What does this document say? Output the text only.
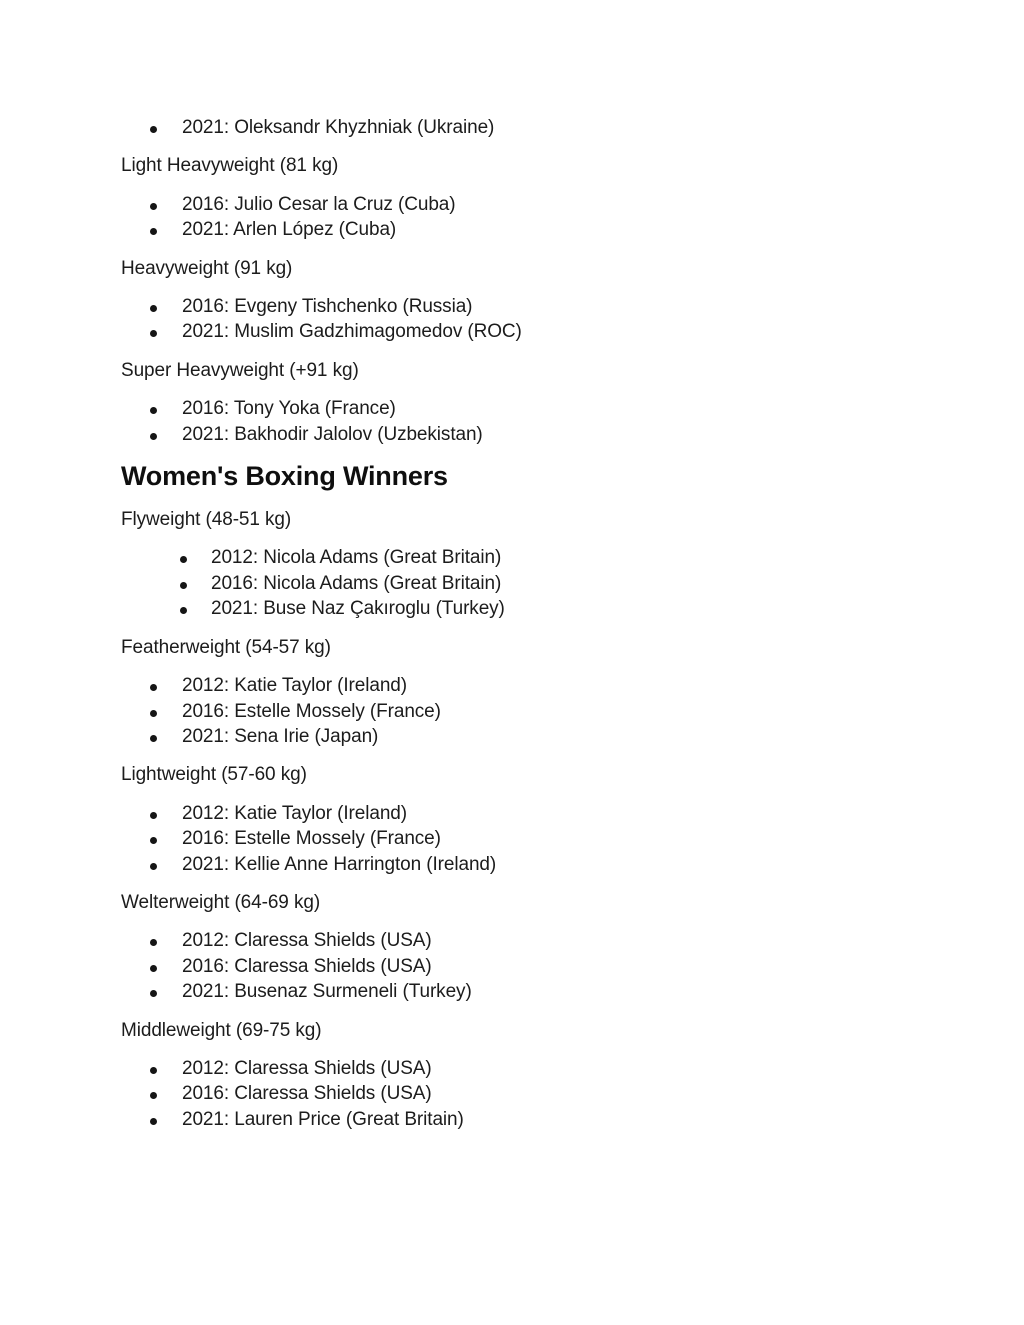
2021: Oleksandr Khyzhniak (Ukraine)

Light Heavyweight (81 kg)

2016: Julio Cesar la Cruz (Cuba)
2021: Arlen López (Cuba)

Heavyweight (91 kg)

2016: Evgeny Tishchenko (Russia)
2021: Muslim Gadzhimagomedov (ROC)

Super Heavyweight (+91 kg)

2016: Tony Yoka (France)
2021: Bakhodir Jalolov (Uzbekistan)
Women's Boxing Winners

Flyweight (48-51 kg)

2012: Nicola Adams (Great Britain)
2016: Nicola Adams (Great Britain)
2021: Buse Naz Çakıroglu (Turkey)

Featherweight (54-57 kg)

2012: Katie Taylor (Ireland)
2016: Estelle Mossely (France)
2021: Sena Irie (Japan)

Lightweight (57-60 kg)

2012: Katie Taylor (Ireland)
2016: Estelle Mossely (France)
2021: Kellie Anne Harrington (Ireland)

Welterweight (64-69 kg)

2012: Claressa Shields (USA)
2016: Claressa Shields (USA)
2021: Busenaz Surmeneli (Turkey)

Middleweight (69-75 kg)

2012: Claressa Shields (USA)
2016: Claressa Shields (USA)
2021: Lauren Price (Great Britain)
